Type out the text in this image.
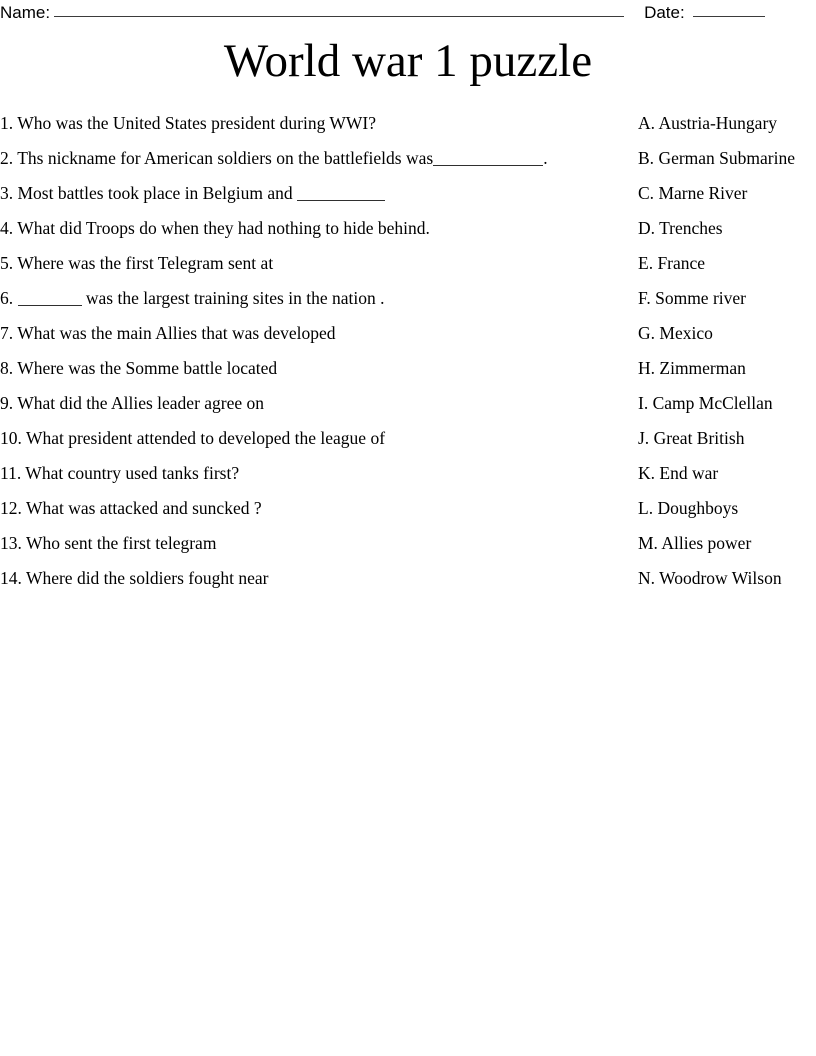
Name:	Date:
World war 1 puzzle
1. Who was the United States president during WWI?
2. Ths nickname for American soldiers on the battlefields was	.
3. Most battles took place in Belgium and
4. What did Troops do when they had nothing to hide behind.
5. Where was the first Telegram sent at
6.	was the largest training sites in the nation .
7. What was the main Allies that was developed
8. Where was the Somme battle located
9. What did the Allies leader agree on
10. What president attended to developed the league of
11. What country used tanks first?
12. What was attacked and suncked ?
13. Who sent the first telegram
14. Where did the soldiers fought near
A. Austria-Hungary
B. German Submarine
C. Marne River
D. Trenches
E. France
F. Somme river
G. Mexico
H. Zimmerman
I. Camp McClellan
J. Great British
K. End war
L. Doughboys
M. Allies power
N. Woodrow Wilson
